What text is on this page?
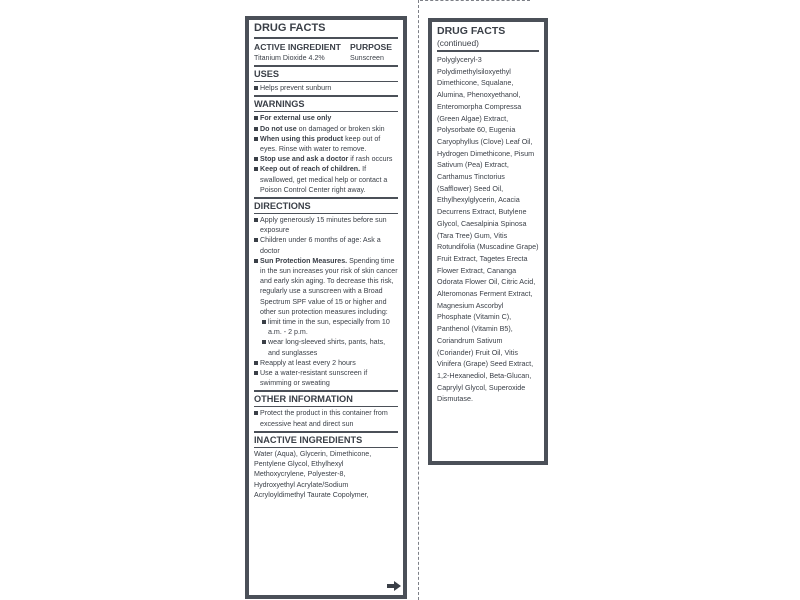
DRUG FACTS
ACTIVE INGREDIENT
Titanium Dioxide 4.2%
PURPOSE
Sunscreen
USES
Helps prevent sunburn
WARNINGS
For external use only
Do not use on damaged or broken skin
When using this product keep out of eyes. Rinse with water to remove.
Stop use and ask a doctor if rash occurs
Keep out of reach of children. If swallowed, get medical help or contact a Poison Control Center right away.
DIRECTIONS
Apply generously 15 minutes before sun exposure
Children under 6 months of age: Ask a doctor
Sun Protection Measures. Spending time in the sun increases your risk of skin cancer and early skin aging. To decrease this risk, regularly use a sunscreen with a Broad Spectrum SPF value of 15 or higher and other sun protection measures including:
limit time in the sun, especially from 10 a.m. - 2 p.m.
wear long-sleeved shirts, pants, hats, and sunglasses
Reapply at least every 2 hours
Use a water-resistant sunscreen if swimming or sweating
OTHER INFORMATION
Protect the product in this container from excessive heat and direct sun
INACTIVE INGREDIENTS
Water (Aqua), Glycerin, Dimethicone, Pentylene Glycol, Ethylhexyl Methoxycrylene, Polyester-8, Hydroxyethyl Acrylate/Sodium Acryloyldimethyl Taurate Copolymer,
DRUG FACTS
(continued)
Polyglyceryl-3 Polydimethylsiloxyethyl Dimethicone, Squalane, Alumina, Phenoxyethanol, Enteromorpha Compressa (Green Algae) Extract, Polysorbate 60, Eugenia Caryophyllus (Clove) Leaf Oil, Hydrogen Dimethicone, Pisum Sativum (Pea) Extract, Carthamus Tinctorius (Safflower) Seed Oil, Ethylhexylglycerin, Acacia Decurrens Extract, Butylene Glycol, Caesalpinia Spinosa (Tara Tree) Gum, Vitis Rotundifolia (Muscadine Grape) Fruit Extract, Tagetes Erecta Flower Extract, Cananga Odorata Flower Oil, Citric Acid, Alteromonas Ferment Extract, Magnesium Ascorbyl Phosphate (Vitamin C), Panthenol (Vitamin B5), Coriandrum Sativum (Coriander) Fruit Oil, Vitis Vinifera (Grape) Seed Extract, 1,2-Hexanediol, Beta-Glucan, Caprylyl Glycol, Superoxide Dismutase.
